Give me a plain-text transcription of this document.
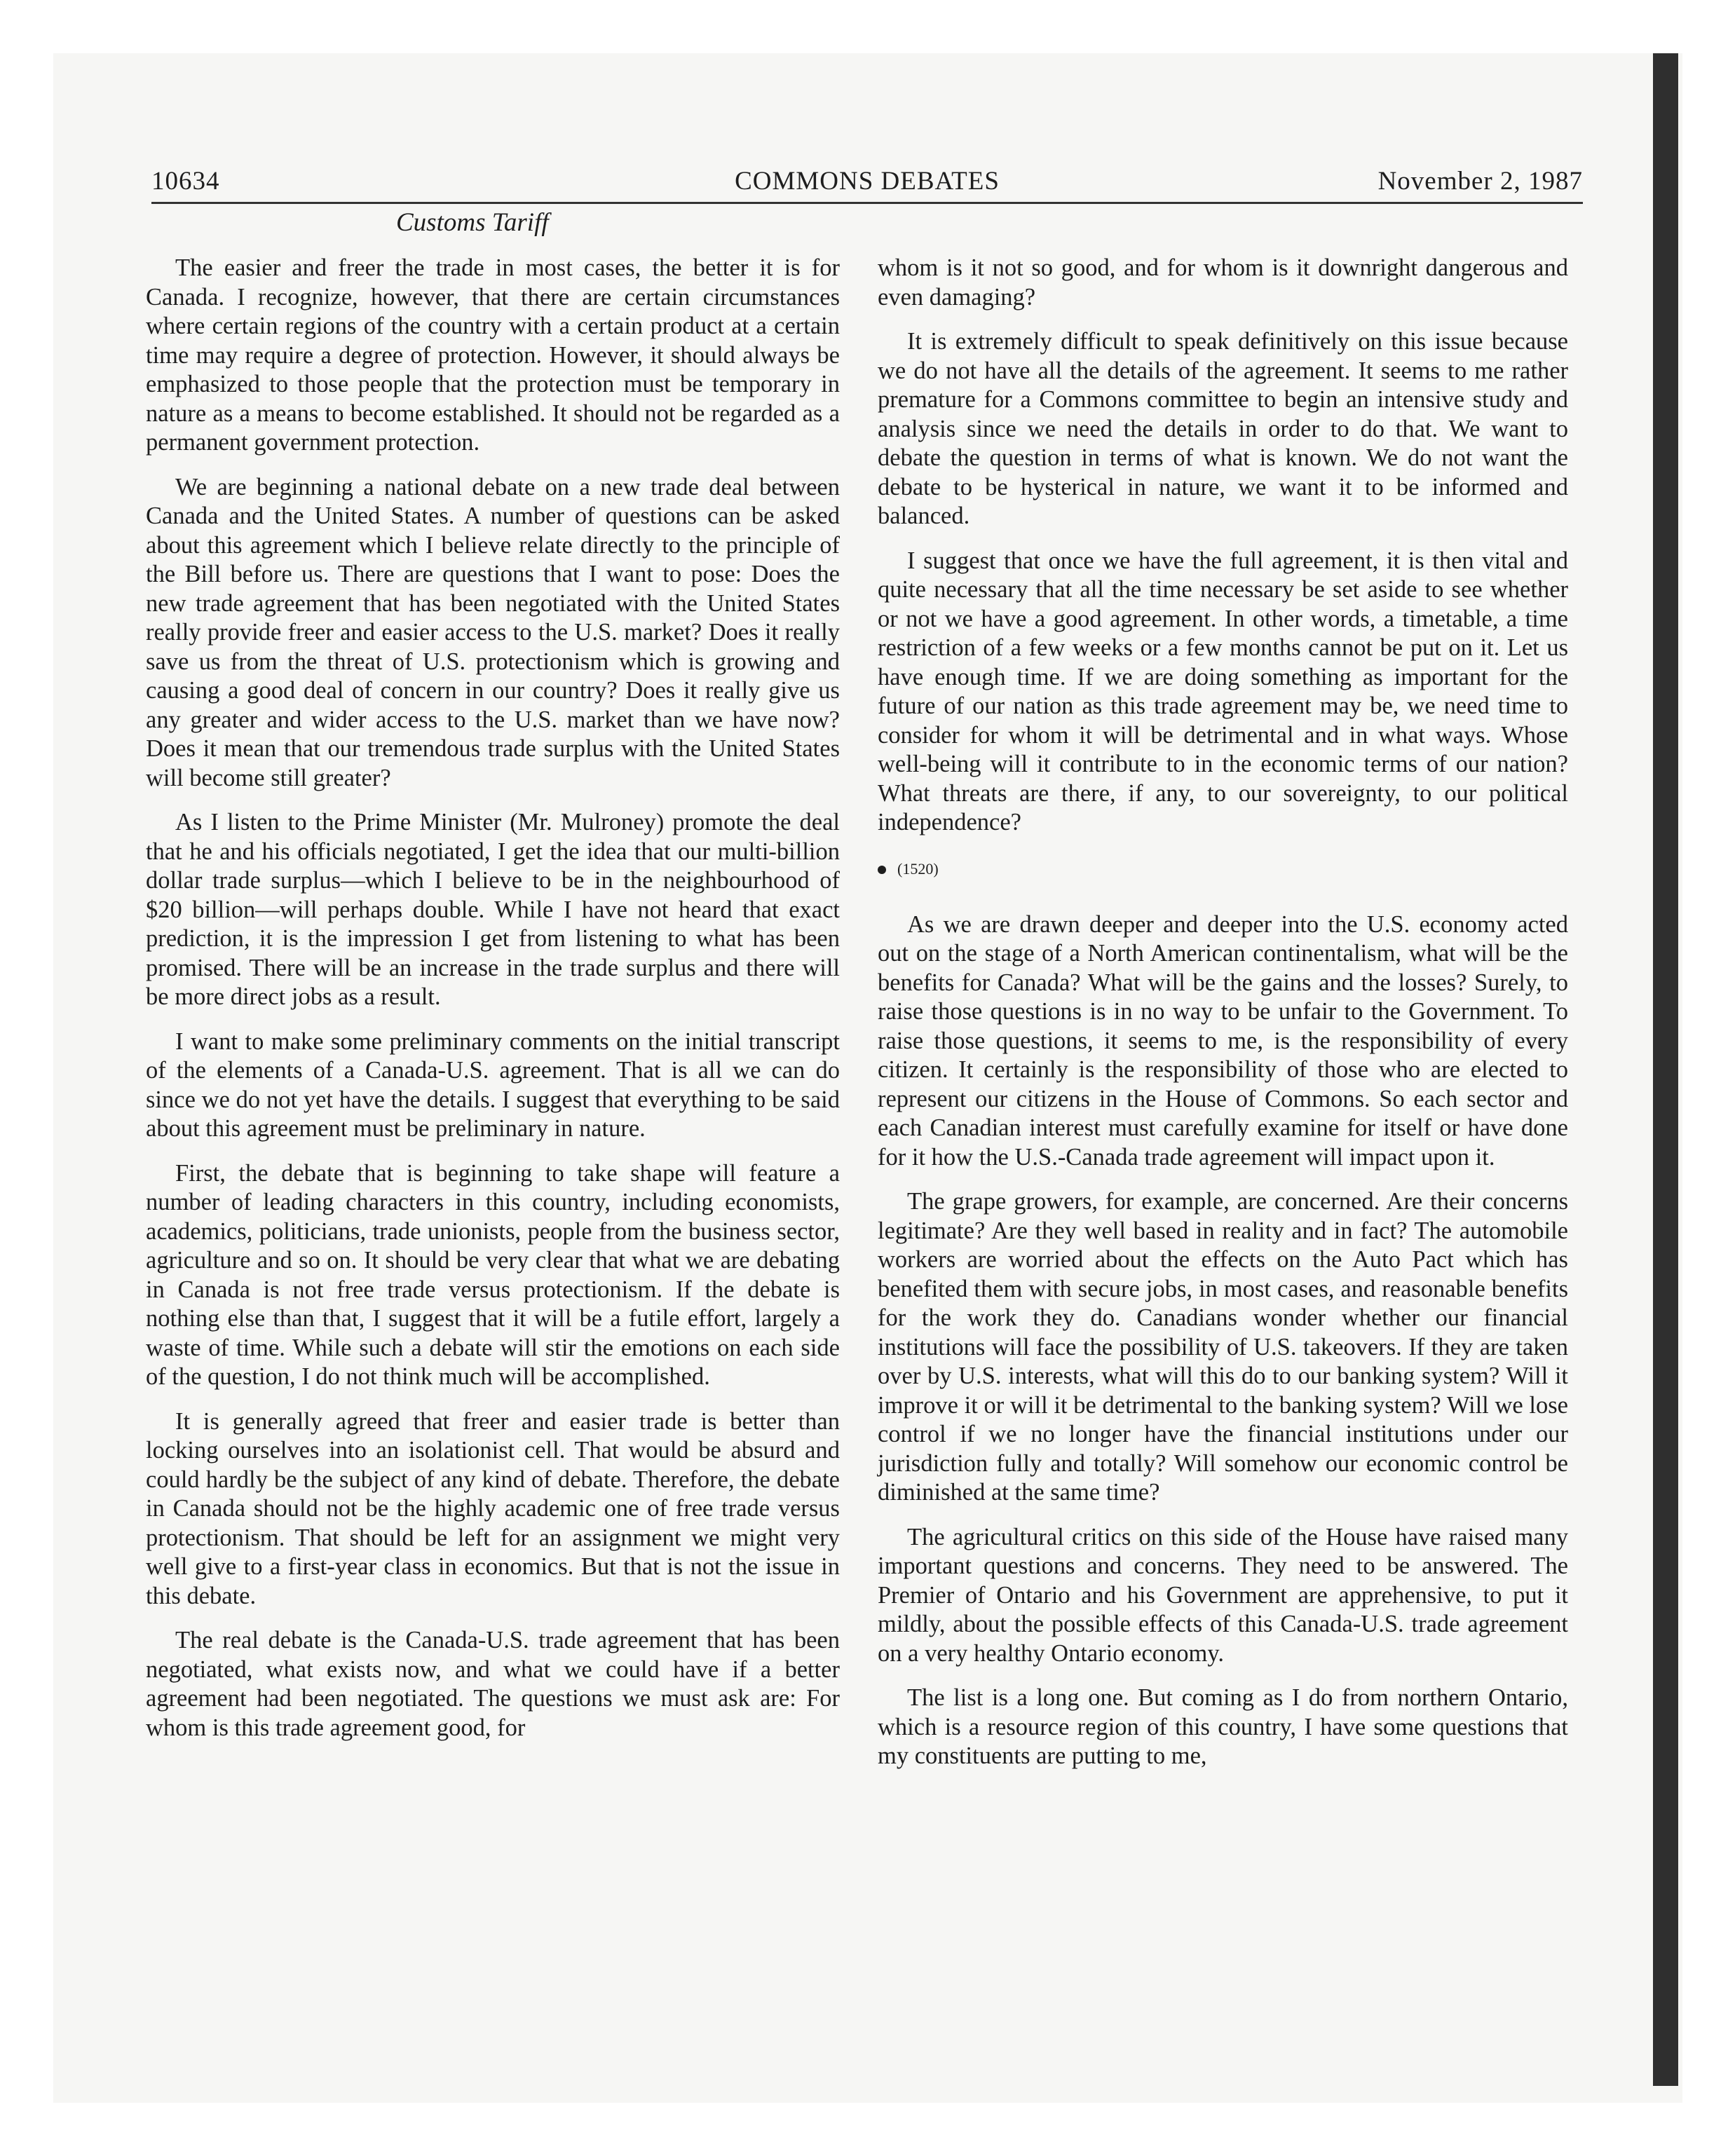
10634	COMMONS DEBATES	November 2, 1987
Customs Tariff

The easier and freer the trade in most cases, the better it is for Canada. I recognize, however, that there are certain circumstances where certain regions of the country with a certain product at a certain time may require a degree of protection. However, it should always be emphasized to those people that the protection must be temporary in nature as a means to become established. It should not be regarded as a permanent government protection.

We are beginning a national debate on a new trade deal between Canada and the United States. A number of questions can be asked about this agreement which I believe relate directly to the principle of the Bill before us. There are questions that I want to pose: Does the new trade agreement that has been negotiated with the United States really provide freer and easier access to the U.S. market? Does it really save us from the threat of U.S. protectionism which is growing and causing a good deal of concern in our country? Does it really give us any greater and wider access to the U.S. market than we have now? Does it mean that our tremendous trade surplus with the United States will become still greater?

As I listen to the Prime Minister (Mr. Mulroney) promote the deal that he and his officials negotiated, I get the idea that our multi-billion dollar trade surplus—which I believe to be in the neighbourhood of $20 billion—will perhaps double. While I have not heard that exact prediction, it is the impression I get from listening to what has been promised. There will be an increase in the trade surplus and there will be more direct jobs as a result.

I want to make some preliminary comments on the initial transcript of the elements of a Canada-U.S. agreement. That is all we can do since we do not yet have the details. I suggest that everything to be said about this agreement must be preliminary in nature.

First, the debate that is beginning to take shape will feature a number of leading characters in this country, including economists, academics, politicians, trade unionists, people from the business sector, agriculture and so on. It should be very clear that what we are debating in Canada is not free trade versus protectionism. If the debate is nothing else than that, I suggest that it will be a futile effort, largely a waste of time. While such a debate will stir the emotions on each side of the question, I do not think much will be accomplished.

It is generally agreed that freer and easier trade is better than locking ourselves into an isolationist cell. That would be absurd and could hardly be the subject of any kind of debate. Therefore, the debate in Canada should not be the highly academic one of free trade versus protectionism. That should be left for an assignment we might very well give to a first-year class in economics. But that is not the issue in this debate.

The real debate is the Canada-U.S. trade agreement that has been negotiated, what exists now, and what we could have if a better agreement had been negotiated. The questions we must ask are: For whom is this trade agreement good, for

whom is it not so good, and for whom is it downright dangerous and even damaging?

It is extremely difficult to speak definitively on this issue because we do not have all the details of the agreement. It seems to me rather premature for a Commons committee to begin an intensive study and analysis since we need the details in order to do that. We want to debate the question in terms of what is known. We do not want the debate to be hysterical in nature, we want it to be informed and balanced.

I suggest that once we have the full agreement, it is then vital and quite necessary that all the time necessary be set aside to see whether or not we have a good agreement. In other words, a timetable, a time restriction of a few weeks or a few months cannot be put on it. Let us have enough time. If we are doing something as important for the future of our nation as this trade agreement may be, we need time to consider for whom it will be detrimental and in what ways. Whose well-being will it contribute to in the economic terms of our nation? What threats are there, if any, to our sovereignty, to our political independence?

(1520)

As we are drawn deeper and deeper into the U.S. economy acted out on the stage of a North American continentalism, what will be the benefits for Canada? What will be the gains and the losses? Surely, to raise those questions is in no way to be unfair to the Government. To raise those questions, it seems to me, is the responsibility of every citizen. It certainly is the responsibility of those who are elected to represent our citizens in the House of Commons. So each sector and each Canadian interest must carefully examine for itself or have done for it how the U.S.-Canada trade agreement will impact upon it.

The grape growers, for example, are concerned. Are their concerns legitimate? Are they well based in reality and in fact? The automobile workers are worried about the effects on the Auto Pact which has benefited them with secure jobs, in most cases, and reasonable benefits for the work they do. Canadians wonder whether our financial institutions will face the possibility of U.S. takeovers. If they are taken over by U.S. interests, what will this do to our banking system? Will it improve it or will it be detrimental to the banking system? Will we lose control if we no longer have the financial institutions under our jurisdiction fully and totally? Will somehow our economic control be diminished at the same time?

The agricultural critics on this side of the House have raised many important questions and concerns. They need to be answered. The Premier of Ontario and his Government are apprehensive, to put it mildly, about the possible effects of this Canada-U.S. trade agreement on a very healthy Ontario economy.

The list is a long one. But coming as I do from northern Ontario, which is a resource region of this country, I have some questions that my constituents are putting to me,
